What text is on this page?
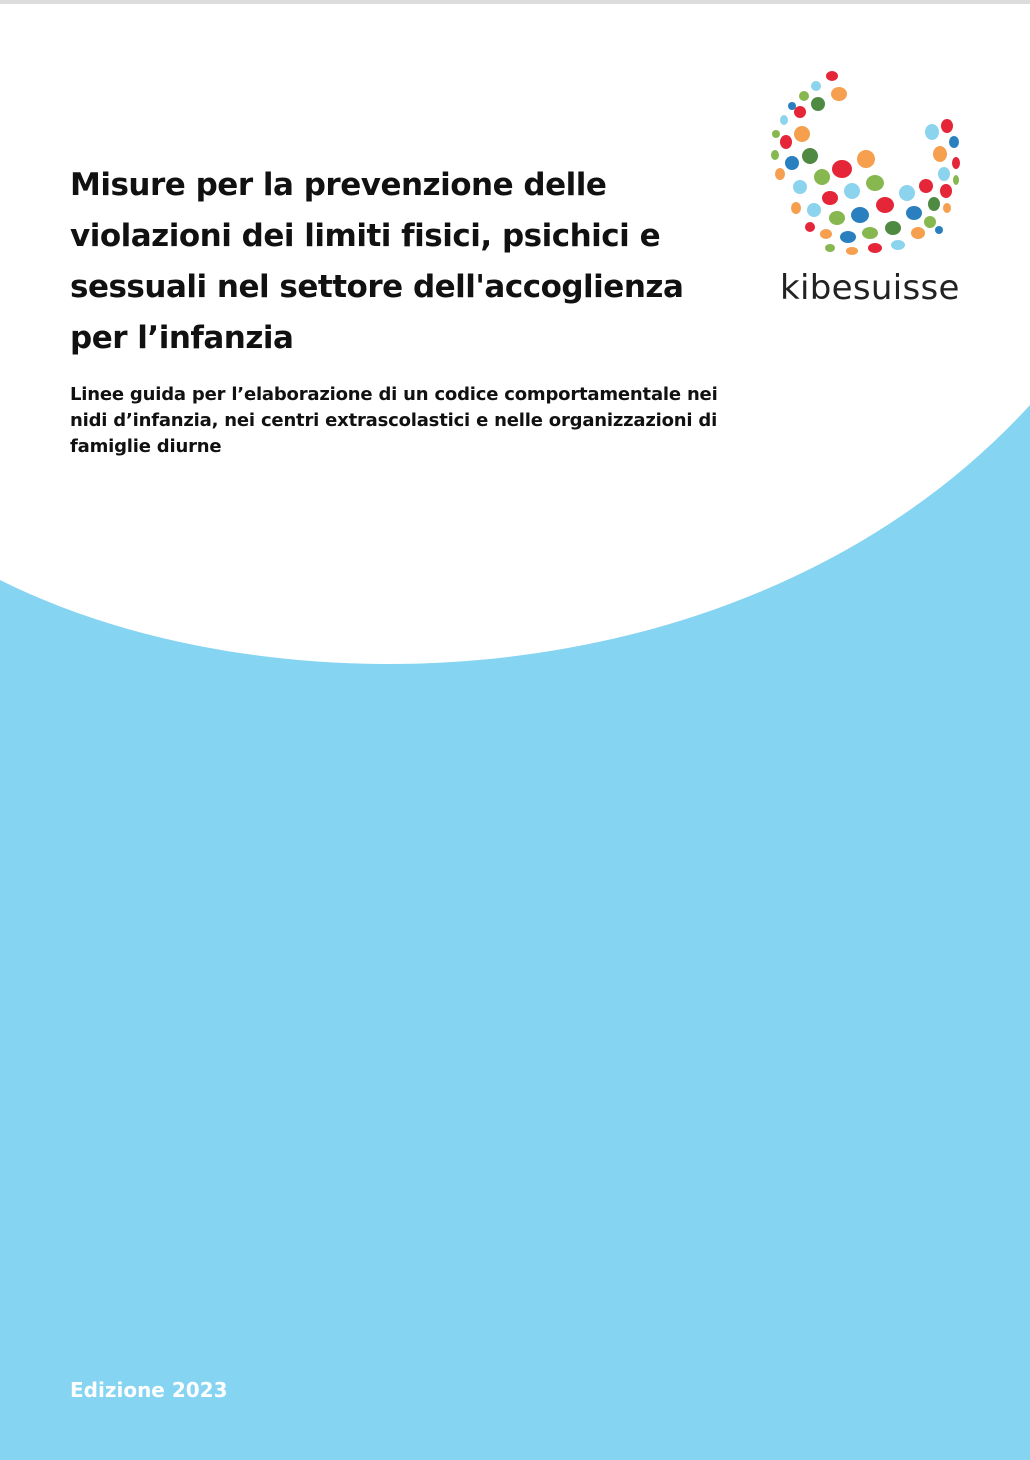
Misure per la prevenzione delle violazioni dei limiti fisici, psichici e sessuali nel settore dell'accoglienza per l’infanzia

Linee guida per l’elaborazione di un codice comportamentale nei nidi d’infanzia, nei centri extrascolastici e nelle organizzazioni di famiglie diurne

kibesuisse
Edizione 2023
